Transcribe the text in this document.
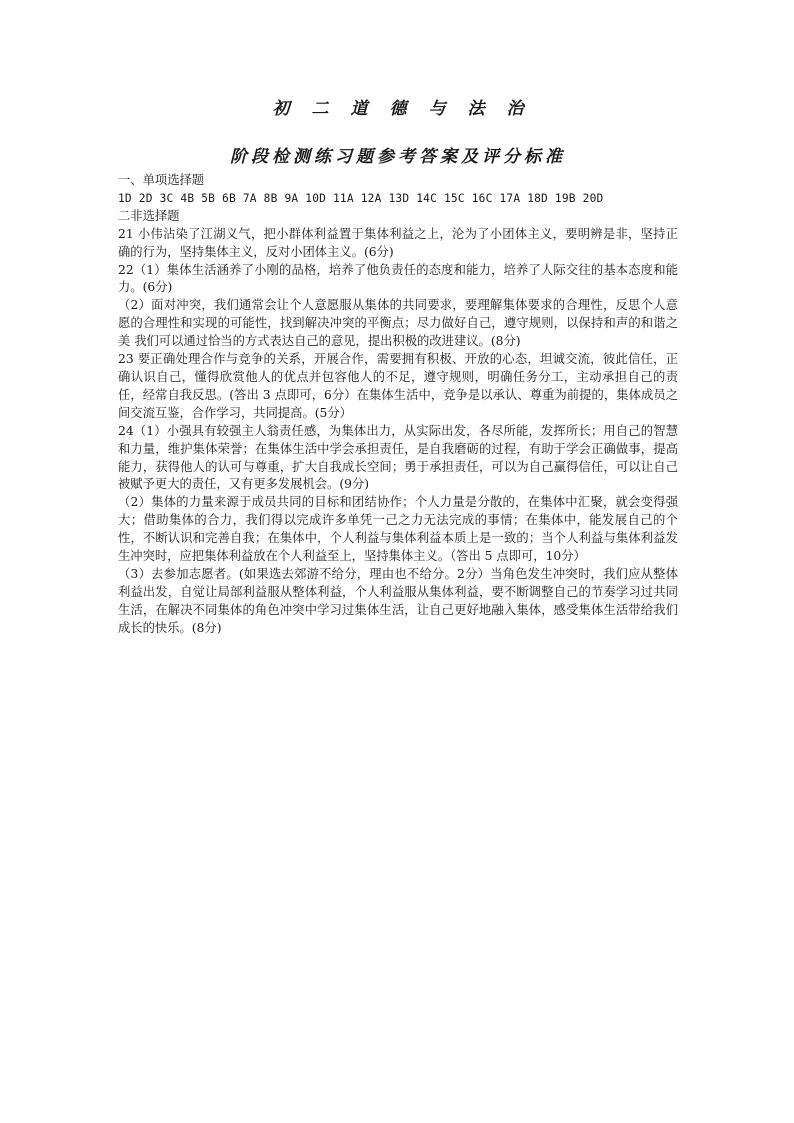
初二道德与法治
阶段检测练习题参考答案及评分标准
一、单项选择题
1D 2D 3C 4B 5B 6B 7A 8B 9A 10D 11A 12A 13D 14C 15C 16C 17A 18D 19B 20D
二非选择题
21 小伟沾染了江湖义气，把小群体利益置于集体利益之上，沦为了小团体主义，要明辨是非，坚持正确的行为，坚持集体主义，反对小团体主义。(6分)
22（1）集体生活涵养了小刚的品格，培养了他负责任的态度和能力，培养了人际交往的基本态度和能力。(6分)
（2）面对冲突，我们通常会让个人意愿服从集体的共同要求，要理解集体要求的合理性，反思个人意愿的合理性和实现的可能性，找到解决冲突的平衡点；尽力做好自己，遵守规则，以保持和声的和谐之美 我们可以通过恰当的方式表达自己的意见，提出积极的改进建议。(8分)
23 要正确处理合作与竞争的关系，开展合作，需要拥有积极、开放的心态，坦诚交流，彼此信任，正确认识自己，懂得欣赏他人的优点并包容他人的不足，遵守规则，明确任务分工，主动承担自己的责任，经常自我反思。(答出 3 点即可，6分）在集体生活中，竞争是以承认、尊重为前提的，集体成员之间交流互鉴，合作学习，共同提高。(5分）
24（1）小强具有较强主人翁责任感，为集体出力，从实际出发，各尽所能，发挥所长；用自己的智慧和力量，维护集体荣誉；在集体生活中学会承担责任，是自我磨砺的过程，有助于学会正确做事，提高能力，获得他人的认可与尊重，扩大自我成长空间；勇于承担责任，可以为自己赢得信任，可以让自己被赋予更大的责任，又有更多发展机会。(9分)
（2）集体的力量来源于成员共同的目标和团结协作；个人力量是分散的，在集体中汇聚，就会变得强大；借助集体的合力，我们得以完成许多单凭一己之力无法完成的事情；在集体中，能发展自己的个性，不断认识和完善自我；在集体中，个人利益与集体利益本质上是一致的；当个人利益与集体利益发生冲突时，应把集体利益放在个人利益至上，坚持集体主义。（答出 5 点即可，10分）
（3）去参加志愿者。(如果选去郊游不给分，理由也不给分。2分）当角色发生冲突时，我们应从整体利益出发，自觉让局部利益服从整体利益，个人利益服从集体利益，要不断调整自己的节奏学习过共同生活，在解决不同集体的角色冲突中学习过集体生活，让自己更好地融入集体，感受集体生活带给我们成长的快乐。(8分)
